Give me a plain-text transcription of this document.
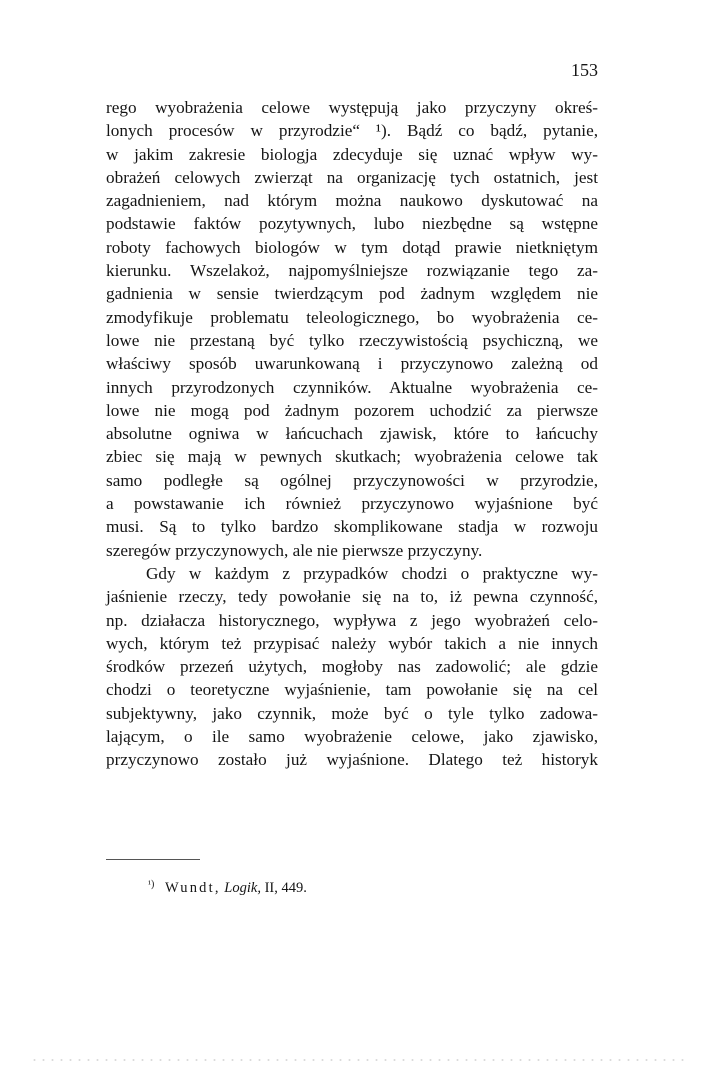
153
rego wyobrażenia celowe występują jako przyczyny okreś-
lonych procesów w przyrodzie“ ¹). Bądź co bądź, pytanie,
w jakim zakresie biologja zdecyduje się uznać wpływ wy-
obrażeń celowych zwierząt na organizację tych ostatnich, jest
zagadnieniem, nad którym można naukowo dyskutować na
podstawie faktów pozytywnych, lubo niezbędne są wstępne
roboty fachowych biologów w tym dotąd prawie nietkniętym
kierunku. Wszelakoż, najpomyślniejsze rozwiązanie tego za-
gadnienia w sensie twierdzącym pod żadnym względem nie
zmodyfikuje problematu teleologicznego, bo wyobrażenia ce-
lowe nie przestaną być tylko rzeczywistością psychiczną, we
właściwy sposób uwarunkowaną i przyczynowo zależną od
innych przyrodzonych czynników. Aktualne wyobrażenia ce-
lowe nie mogą pod żadnym pozorem uchodzić za pierwsze
absolutne ogniwa w łańcuchach zjawisk, które to łańcuchy
zbiec się mają w pewnych skutkach; wyobrażenia celowe tak
samo podległe są ogólnej przyczynowości w przyrodzie,
a powstawanie ich również przyczynowo wyjaśnione być
musi. Są to tylko bardzo skomplikowane stadja w rozwoju
szeregów przyczynowych, ale nie pierwsze przyczyny.
Gdy w każdym z przypadków chodzi o praktyczne wy-
jaśnienie rzeczy, tedy powołanie się na to, iż pewna czynność,
np. działacza historycznego, wypływa z jego wyobrażeń celo-
wych, którym też przypisać należy wybór takich a nie innych
środków przezeń użytych, mogłoby nas zadowolić; ale gdzie
chodzi o teoretyczne wyjaśnienie, tam powołanie się na cel
subjektywny, jako czynnik, może być o tyle tylko zadowa-
lającym, o ile samo wyobrażenie celowe, jako zjawisko,
przyczynowo zostało już wyjaśnione. Dlatego też historyk
$^{^1)}$ Wundt, Logik, II, 449.
